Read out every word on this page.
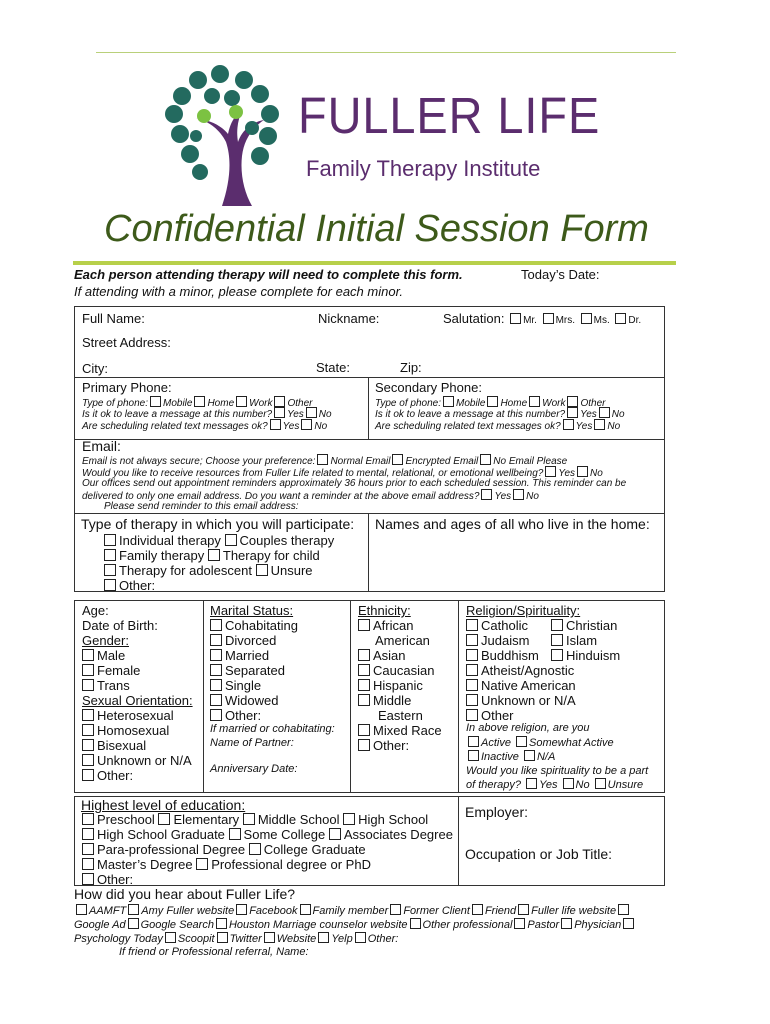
FULLER LIFE
Family Therapy Institute
Confidential Initial Session Form
Each person attending therapy will need to complete this form.	Today’s Date:
If attending with a minor, please complete for each minor.
Full Name:	Nickname:	Salutation: Mr. Mrs. Ms. Dr.
Street Address:
City:	State:	Zip:
Primary Phone:
Type of phone: Mobile Home Work Other
Is it ok to leave a message at this number? Yes No
Are scheduling related text messages ok? Yes No
Secondary Phone:
Type of phone: Mobile Home Work Other
Is it ok to leave a message at this number? Yes No
Are scheduling related text messages ok? Yes No
Email:
Email is not always secure; Choose your preference: Normal Email Encrypted Email No Email Please
Would you like to receive resources from Fuller Life related to mental, relational, or emotional wellbeing? Yes No
Our offices send out appointment reminders approximately 36 hours prior to each scheduled session. This reminder can be
delivered to only one email address. Do you want a reminder at the above email address? Yes No
Please send reminder to this email address:
Type of therapy in which you will participate:
Individual therapy Couples therapy
Family therapy Therapy for child
Therapy for adolescent Unsure
Other:
Names and ages of all who live in the home:
Age:
Date of Birth:
Gender:
Male
Female
Trans
Sexual Orientation:
Heterosexual
Homosexual
Bisexual
Unknown or N/A
Other:
Marital Status:
Cohabitating
Divorced
Married
Separated
Single
Widowed
Other:
If married or cohabitating:
Name of Partner:
Anniversary Date:
Ethnicity:
African
American
Asian
Caucasian
Hispanic
Middle
Eastern
Mixed Race
Other:
Religion/Spirituality:
Catholic	Christian
Judaism	Islam
Buddhism Hinduism
Atheist/Agnostic
Native American
Unknown or N/A
Other
In above religion, are you
Active Somewhat Active
Inactive N/A
Would you like spirituality to be a part
of therapy? Yes No Unsure
Highest level of education:
Preschool Elementary Middle School High School
High School Graduate Some College Associates Degree
Para-professional Degree College Graduate
Master’s Degree Professional degree or PhD
Other:
Employer:
Occupation or Job Title:
How did you hear about Fuller Life?
AAMFT Amy Fuller website Facebook Family member Former Client Friend Fuller life website
Google Ad Google Search Houston Marriage counselor website Other professional Pastor Physician
Psychology Today Scoopit Twitter Website Yelp Other:
If friend or Professional referral, Name:
